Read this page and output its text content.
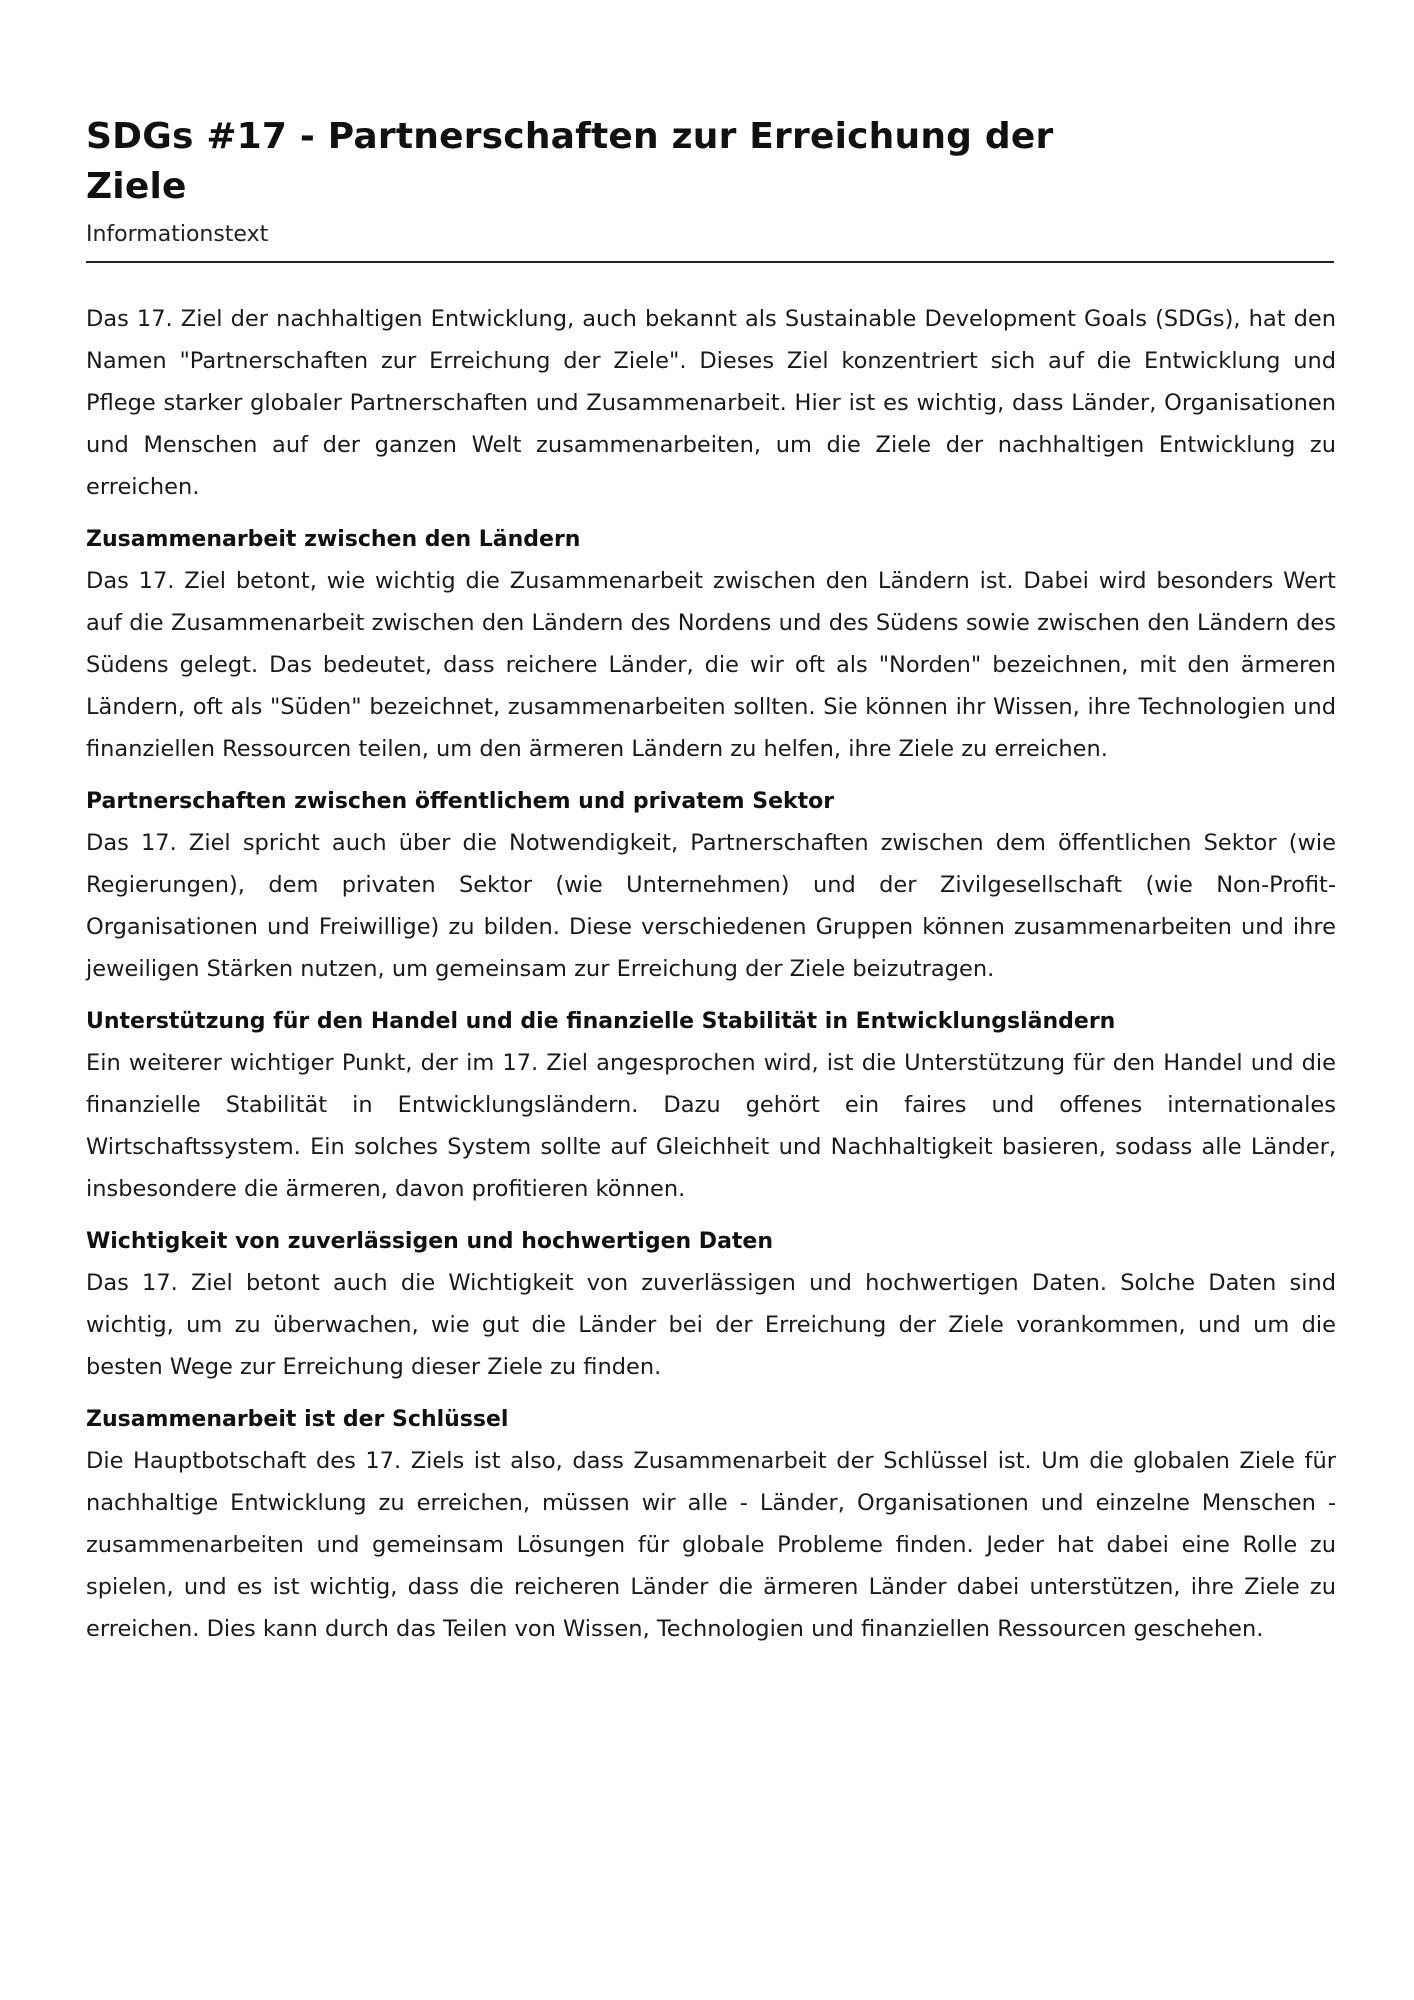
SDGs #17 - Partnerschaften zur Erreichung der Ziele
Informationstext

Das 17. Ziel der nachhaltigen Entwicklung, auch bekannt als Sustainable Development Goals (SDGs), hat den Namen "Partnerschaften zur Erreichung der Ziele". Dieses Ziel konzentriert sich auf die Entwicklung und Pflege starker globaler Partnerschaften und Zusammenarbeit. Hier ist es wichtig, dass Länder, Organisationen und Menschen auf der ganzen Welt zusammenarbeiten, um die Ziele der nachhaltigen Entwicklung zu erreichen.

Zusammenarbeit zwischen den Ländern

Das 17. Ziel betont, wie wichtig die Zusammenarbeit zwischen den Ländern ist. Dabei wird besonders Wert auf die Zusammenarbeit zwischen den Ländern des Nordens und des Südens sowie zwischen den Ländern des Südens gelegt. Das bedeutet, dass reichere Länder, die wir oft als "Norden" bezeichnen, mit den ärmeren Ländern, oft als "Süden" bezeichnet, zusammenarbeiten sollten. Sie können ihr Wissen, ihre Technologien und finanziellen Ressourcen teilen, um den ärmeren Ländern zu helfen, ihre Ziele zu erreichen.

Partnerschaften zwischen öffentlichem und privatem Sektor

Das 17. Ziel spricht auch über die Notwendigkeit, Partnerschaften zwischen dem öffentlichen Sektor (wie Regierungen), dem privaten Sektor (wie Unternehmen) und der Zivilgesellschaft (wie Non-Profit-Organisationen und Freiwillige) zu bilden. Diese verschiedenen Gruppen können zusammenarbeiten und ihre jeweiligen Stärken nutzen, um gemeinsam zur Erreichung der Ziele beizutragen.

Unterstützung für den Handel und die finanzielle Stabilität in Entwicklungsländern

Ein weiterer wichtiger Punkt, der im 17. Ziel angesprochen wird, ist die Unterstützung für den Handel und die finanzielle Stabilität in Entwicklungsländern. Dazu gehört ein faires und offenes internationales Wirtschaftssystem. Ein solches System sollte auf Gleichheit und Nachhaltigkeit basieren, sodass alle Länder, insbesondere die ärmeren, davon profitieren können.

Wichtigkeit von zuverlässigen und hochwertigen Daten

Das 17. Ziel betont auch die Wichtigkeit von zuverlässigen und hochwertigen Daten. Solche Daten sind wichtig, um zu überwachen, wie gut die Länder bei der Erreichung der Ziele vorankommen, und um die besten Wege zur Erreichung dieser Ziele zu finden.

Zusammenarbeit ist der Schlüssel

Die Hauptbotschaft des 17. Ziels ist also, dass Zusammenarbeit der Schlüssel ist. Um die globalen Ziele für nachhaltige Entwicklung zu erreichen, müssen wir alle - Länder, Organisationen und einzelne Menschen - zusammenarbeiten und gemeinsam Lösungen für globale Probleme finden. Jeder hat dabei eine Rolle zu spielen, und es ist wichtig, dass die reicheren Länder die ärmeren Länder dabei unterstützen, ihre Ziele zu erreichen. Dies kann durch das Teilen von Wissen, Technologien und finanziellen Ressourcen geschehen.
